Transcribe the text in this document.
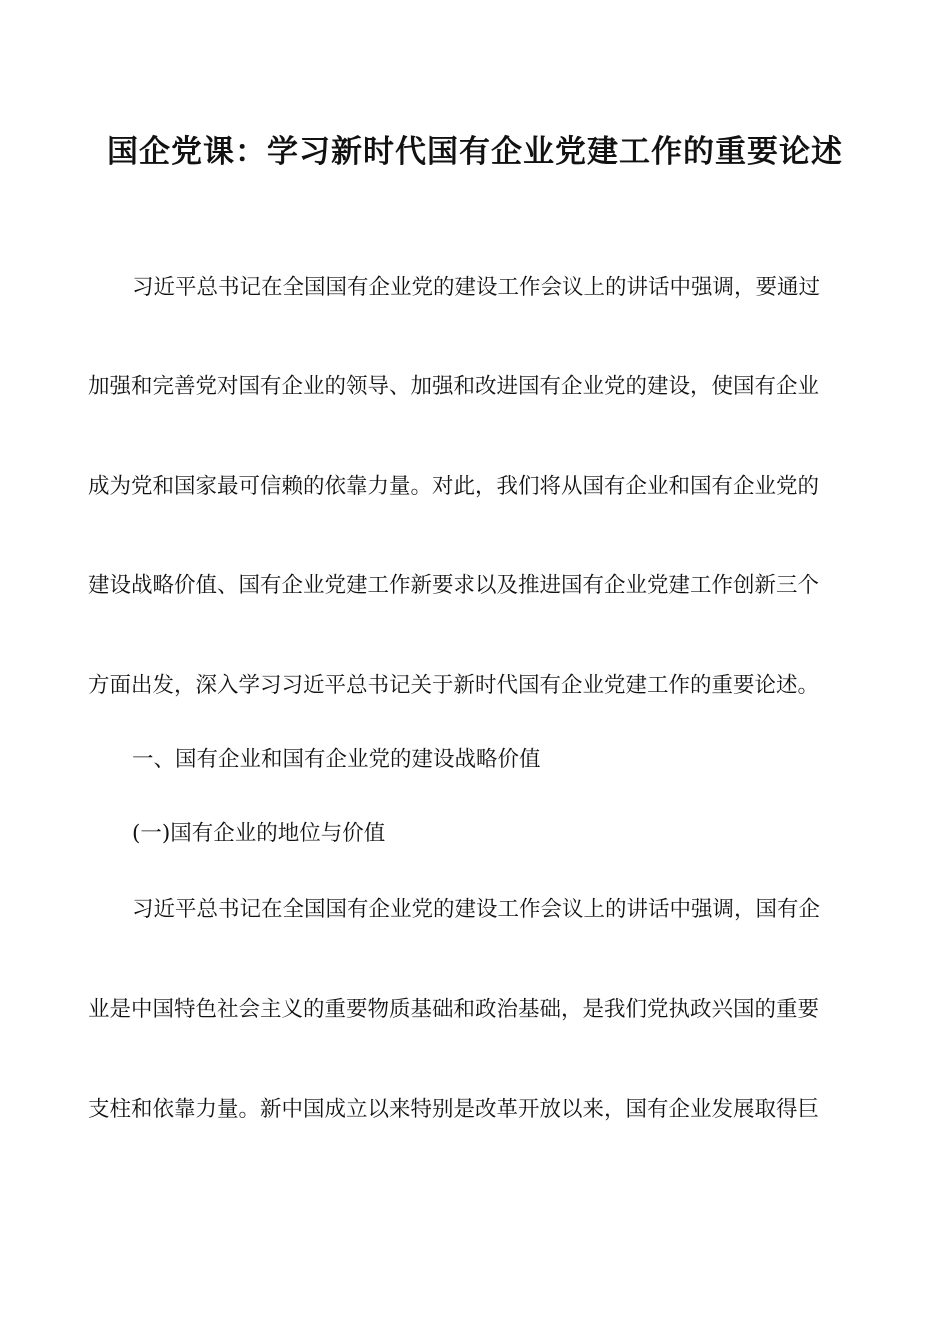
国企党课：学习新时代国有企业党建工作的重要论述
习近平总书记在全国国有企业党的建设工作会议上的讲话中强调，要通过
加强和完善党对国有企业的领导、加强和改进国有企业党的建设，使国有企业
成为党和国家最可信赖的依靠力量。对此，我们将从国有企业和国有企业党的
建设战略价值、国有企业党建工作新要求以及推进国有企业党建工作创新三个
方面出发，深入学习习近平总书记关于新时代国有企业党建工作的重要论述。
一、国有企业和国有企业党的建设战略价值
(一)国有企业的地位与价值
习近平总书记在全国国有企业党的建设工作会议上的讲话中强调，国有企
业是中国特色社会主义的重要物质基础和政治基础，是我们党执政兴国的重要
支柱和依靠力量。新中国成立以来特别是改革开放以来，国有企业发展取得巨
